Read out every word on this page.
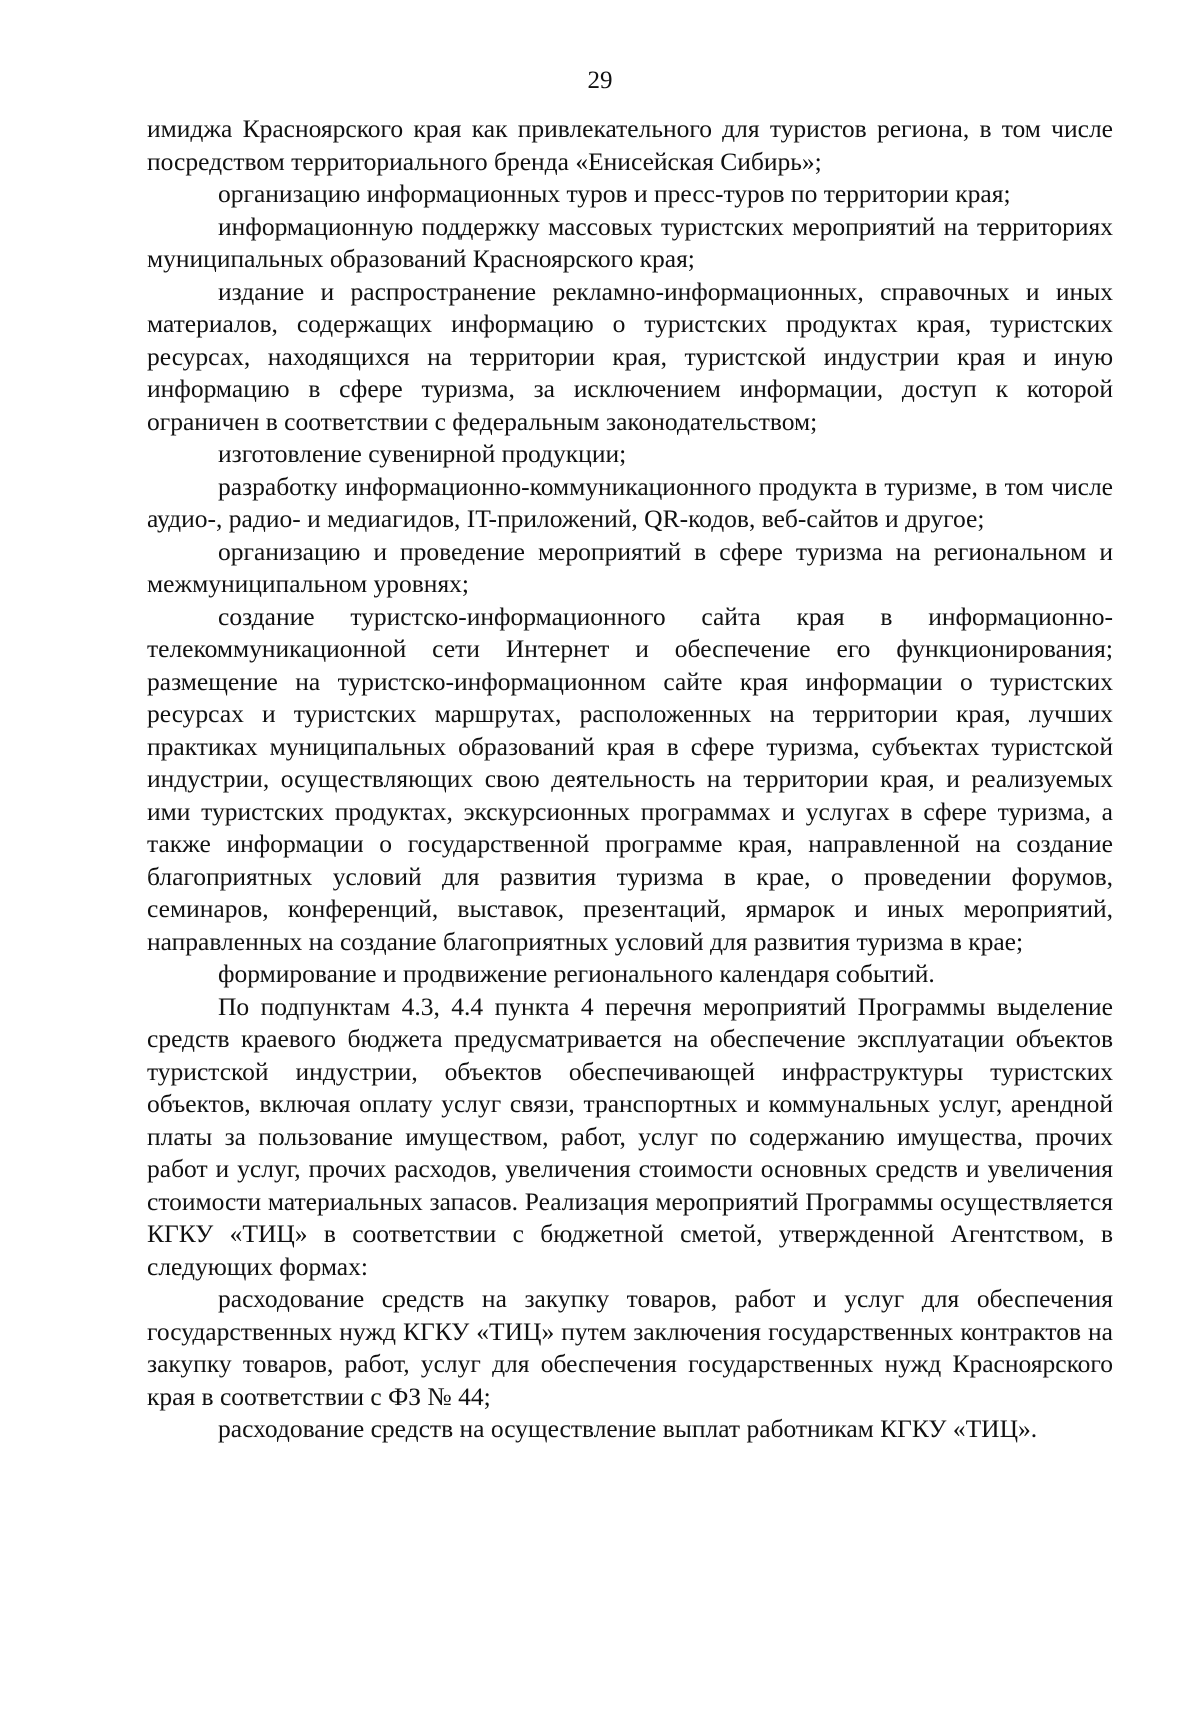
29

имиджа Красноярского края как привлекательного для туристов региона, в том числе посредством территориального бренда «Енисейская Сибирь»;

организацию информационных туров и пресс-туров по территории края;

информационную поддержку массовых туристских мероприятий на территориях муниципальных образований Красноярского края;

издание и распространение рекламно-информационных, справочных и иных материалов, содержащих информацию о туристских продуктах края, туристских ресурсах, находящихся на территории края, туристской индустрии края и иную информацию в сфере туризма, за исключением информации, доступ к которой ограничен в соответствии с федеральным законодательством;

изготовление сувенирной продукции;

разработку информационно-коммуникационного продукта в туризме, в том числе аудио-, радио- и медиагидов, IT-приложений, QR-кодов, веб-сайтов и другое;

организацию и проведение мероприятий в сфере туризма на региональном и межмуниципальном уровнях;

создание туристско-информационного сайта края в информационно-телекоммуникационной сети Интернет и обеспечение его функционирования; размещение на туристско-информационном сайте края информации о туристских ресурсах и туристских маршрутах, расположенных на территории края, лучших практиках муниципальных образований края в сфере туризма, субъектах туристской индустрии, осуществляющих свою деятельность на территории края, и реализуемых ими туристских продуктах, экскурсионных программах и услугах в сфере туризма, а также информации о государственной программе края, направленной на создание благоприятных условий для развития туризма в крае, о проведении форумов, семинаров, конференций, выставок, презентаций, ярмарок и иных мероприятий, направленных на создание благоприятных условий для развития туризма в крае;

формирование и продвижение регионального календаря событий.

По подпунктам 4.3, 4.4 пункта 4 перечня мероприятий Программы выделение средств краевого бюджета предусматривается на обеспечение эксплуатации объектов туристской индустрии, объектов обеспечивающей инфраструктуры туристских объектов, включая оплату услуг связи, транспортных и коммунальных услуг, арендной платы за пользование имуществом, работ, услуг по содержанию имущества, прочих работ и услуг, прочих расходов, увеличения стоимости основных средств и увеличения стоимости материальных запасов. Реализация мероприятий Программы осуществляется КГКУ «ТИЦ» в соответствии с бюджетной сметой, утвержденной Агентством, в следующих формах:

расходование средств на закупку товаров, работ и услуг для обеспечения государственных нужд КГКУ «ТИЦ» путем заключения государственных контрактов на закупку товаров, работ, услуг для обеспечения государственных нужд Красноярского края в соответствии с ФЗ № 44;

расходование средств на осуществление выплат работникам КГКУ «ТИЦ».
